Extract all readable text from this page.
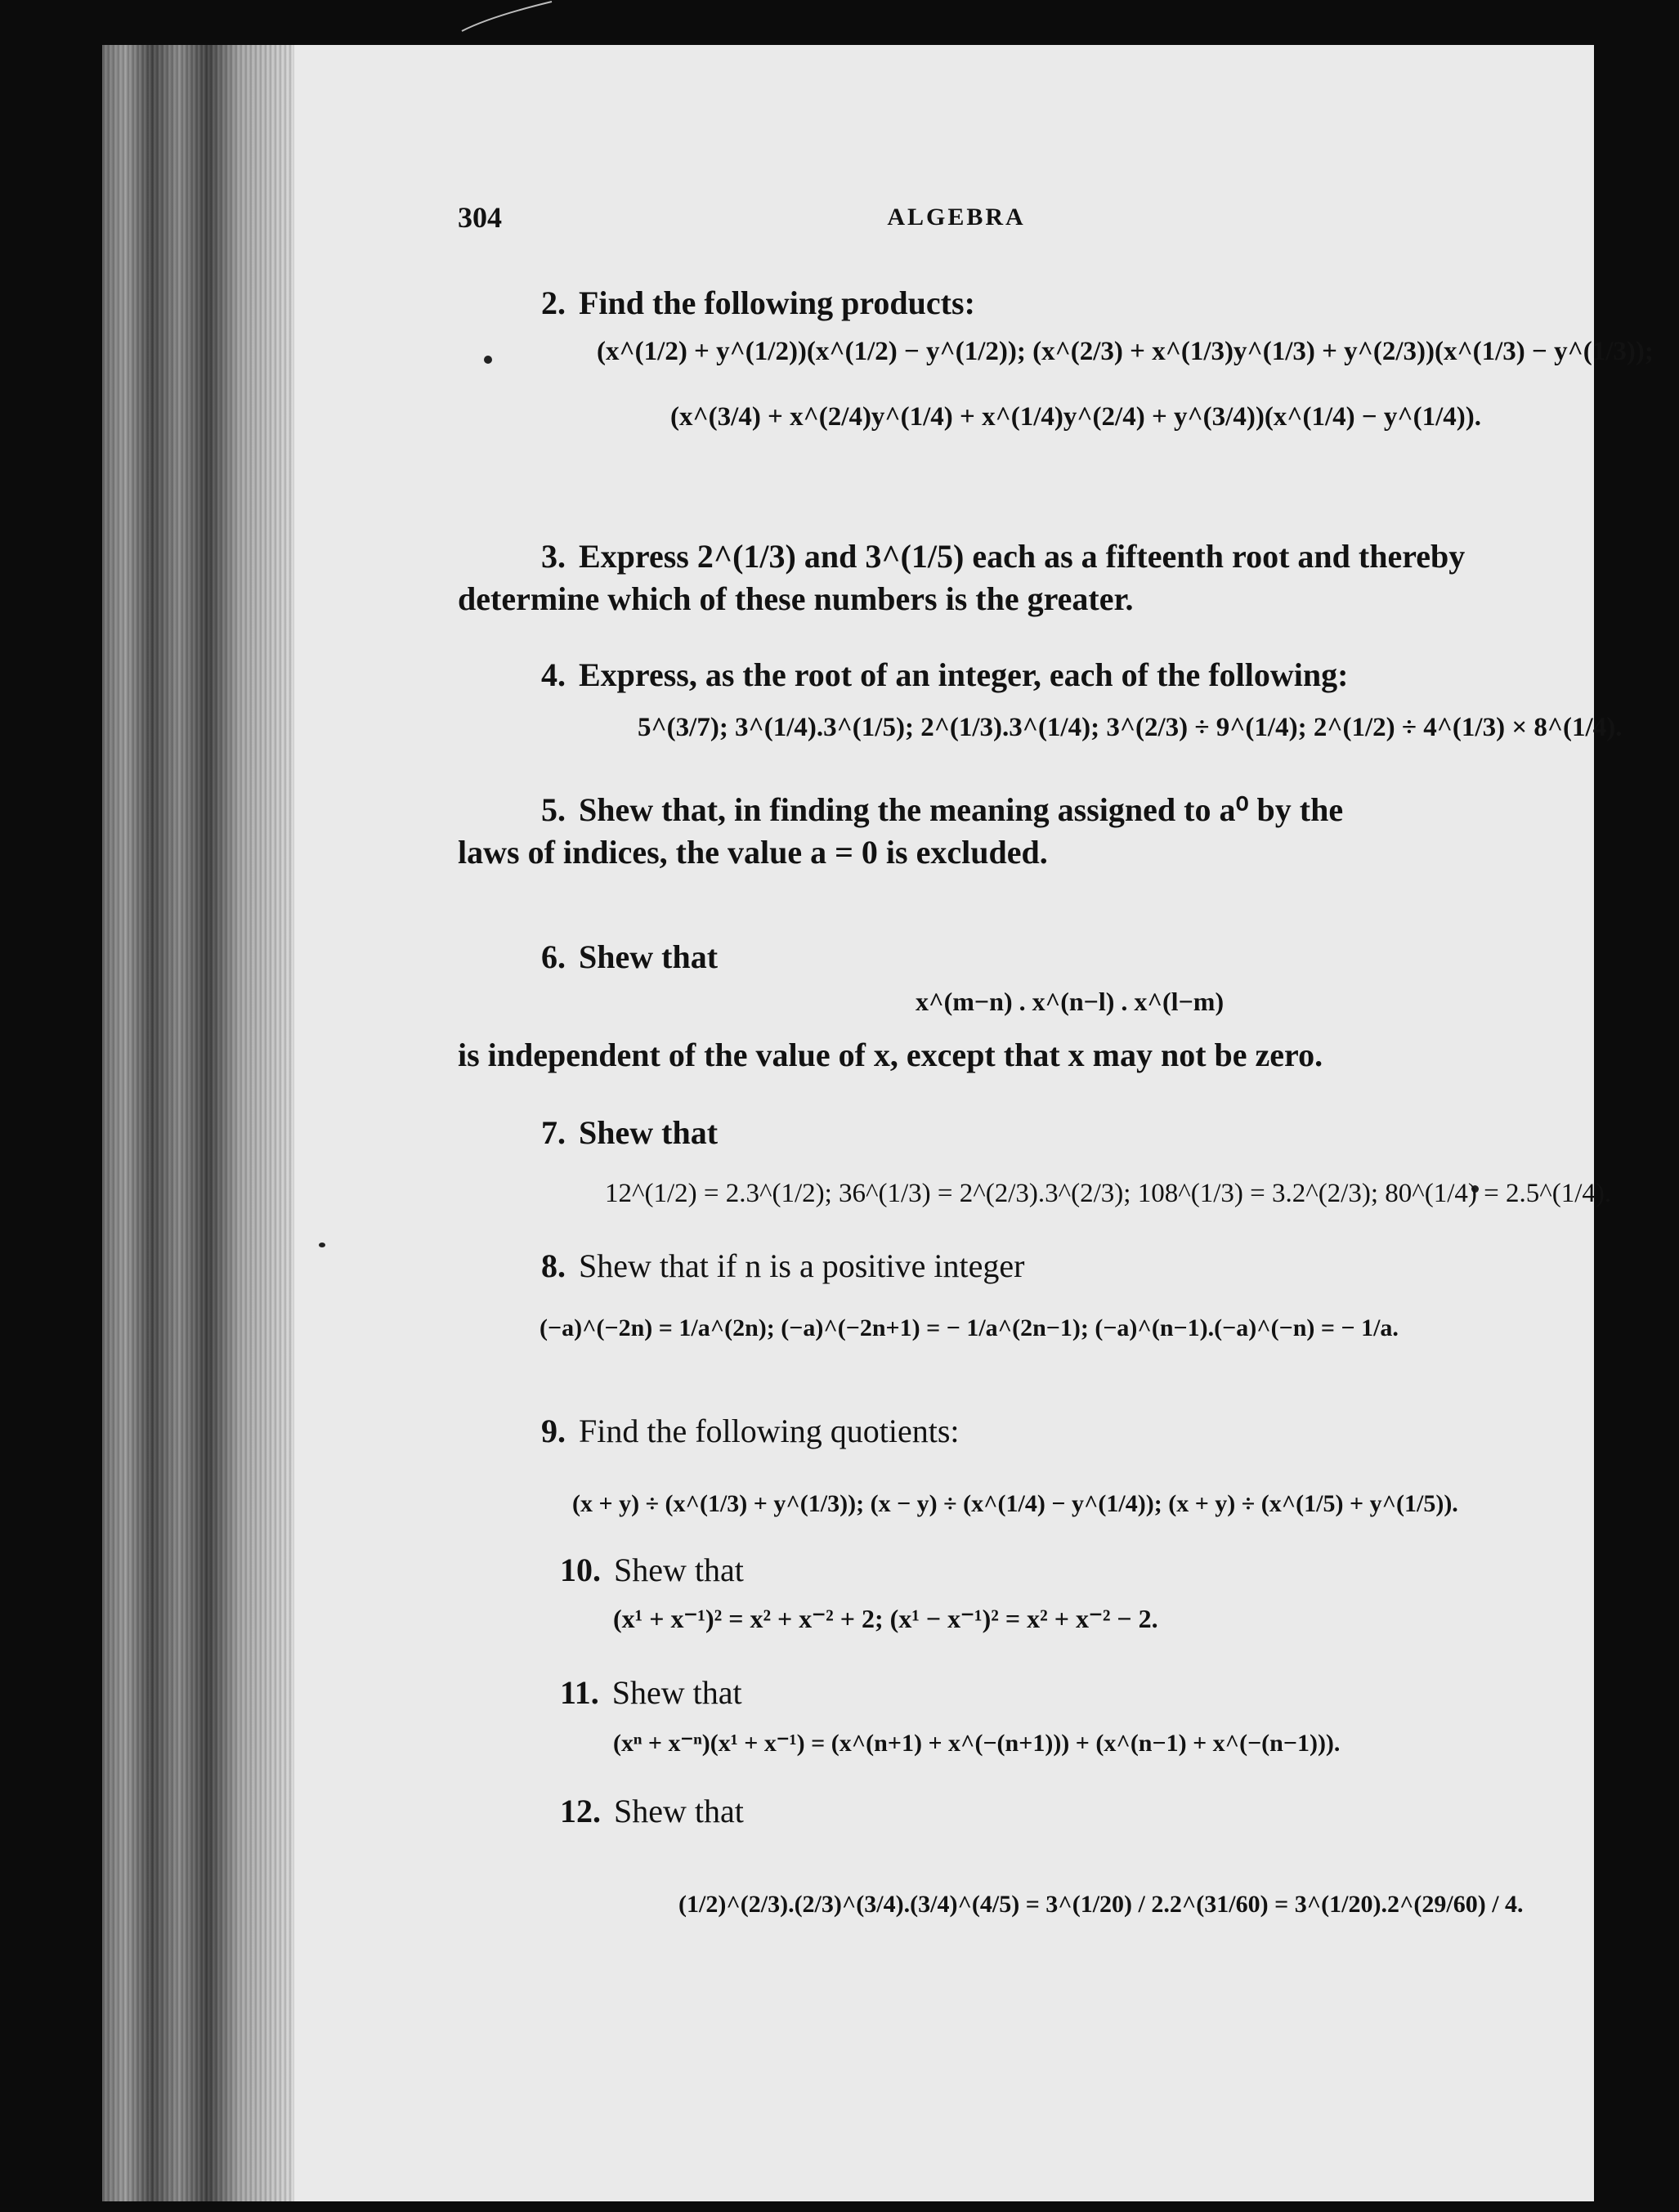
304	ALGEBRA
2. Find the following products:
(x^(1/2) + y^(1/2))(x^(1/2) − y^(1/2)); (x^(2/3) + x^(1/3)y^(1/3) + y^(2/3))(x^(1/3) − y^(1/3));
(x^(3/4) + x^(2/4)y^(1/4) + x^(1/4)y^(2/4) + y^(3/4))(x^(1/4) − y^(1/4)).
3. Express 2^(1/3) and 3^(1/5) each as a fifteenth root and thereby
determine which of these numbers is the greater.
4. Express, as the root of an integer, each of the following:
5^(3/7); 3^(1/4).3^(1/5); 2^(1/3).3^(1/4); 3^(2/3) ÷ 9^(1/4); 2^(1/2) ÷ 4^(1/3) × 8^(1/4).
5. Shew that, in finding the meaning assigned to a⁰ by the
laws of indices, the value a = 0 is excluded.
6. Shew that
x^(m−n) . x^(n−l) . x^(l−m)
is independent of the value of x, except that x may not be zero.
7. Shew that
12^(1/2) = 2.3^(1/2); 36^(1/3) = 2^(2/3).3^(2/3); 108^(1/3) = 3.2^(2/3); 80^(1/4) = 2.5^(1/4).
8. Shew that if n is a positive integer
(−a)^(−2n) = 1/a^(2n); (−a)^(−2n+1) = − 1/a^(2n−1); (−a)^(n−1).(−a)^(−n) = − 1/a.
9. Find the following quotients:
(x + y) ÷ (x^(1/3) + y^(1/3)); (x − y) ÷ (x^(1/4) − y^(1/4)); (x + y) ÷ (x^(1/5) + y^(1/5)).
10. Shew that
(x¹ + x⁻¹)² = x² + x⁻² + 2; (x¹ − x⁻¹)² = x² + x⁻² − 2.
11. Shew that
(xⁿ + x⁻ⁿ)(x¹ + x⁻¹) = (x^(n+1) + x^(−(n+1))) + (x^(n−1) + x^(−(n−1))).
12. Shew that
(1/2)^(2/3).(2/3)^(3/4).(3/4)^(4/5) = 3^(1/20) / 2.2^(31/60) = 3^(1/20).2^(29/60) / 4.
